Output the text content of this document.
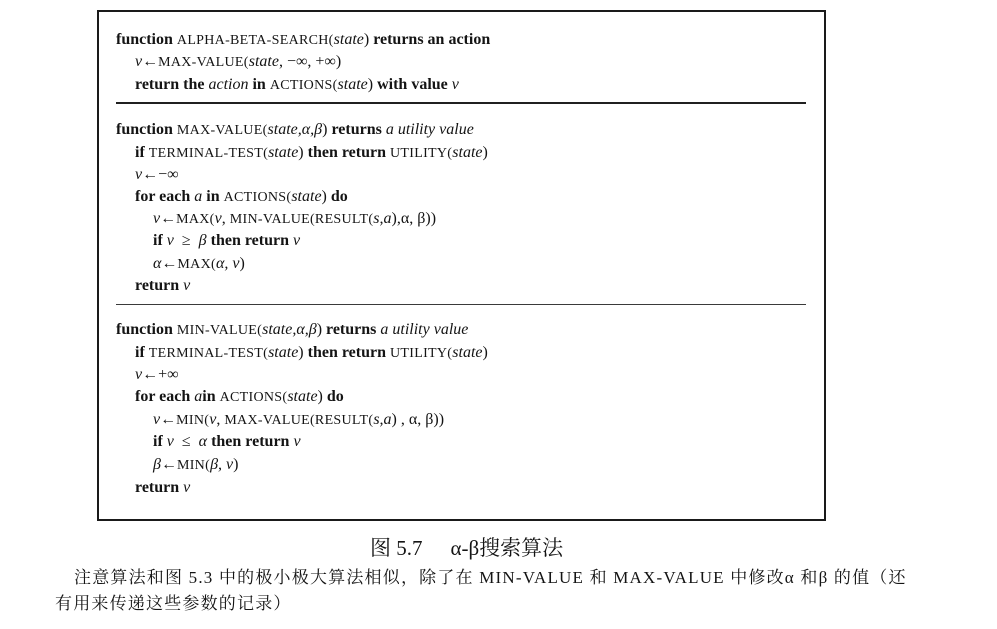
function ALPHA-BETA-SEARCH(state) returns an action
v←MAX-VALUE(state, −∞, +∞)
return the action in ACTIONS(state) with value v
function MAX-VALUE(state,α,β) returns a utility value
if TERMINAL-TEST(state) then return UTILITY(state)
v←−∞
for each a in ACTIONS(state) do
v←MAX(v, MIN-VALUE(RESULT(s,a),α, β))
if v ≥ β then return v
α←MAX(α, v)
return v
function MIN-VALUE(state,α,β) returns a utility value
if TERMINAL-TEST(state) then return UTILITY(state)
v←+∞
for each ain ACTIONS(state) do
v←MIN(v, MAX-VALUE(RESULT(s,a) , α, β))
if v ≤ α then return v
β←MIN(β, v)
return v
图 5.7 α-β搜索算法
注意算法和图 5.3 中的极小极大算法相似，除了在 MIN-VALUE 和 MAX-VALUE 中修改α 和β 的值（还
有用来传递这些参数的记录）
